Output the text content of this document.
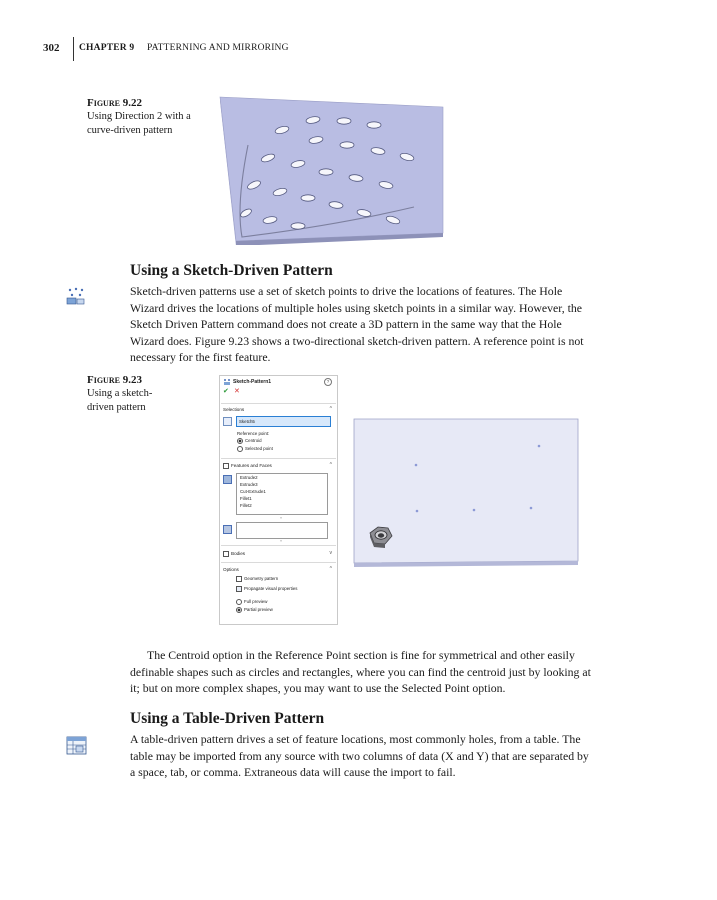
302 CHAPTER 9 PATTERNING AND MIRRORING
Figure 9.22
Using Direction 2 with a
curve-driven pattern
Using a Sketch-Driven Pattern

Sketch-driven patterns use a set of sketch points to drive the locations of features. The Hole

Wizard drives the locations of multiple holes using sketch points in a similar way. However, the

Sketch Driven Pattern command does not create a 3D pattern in the same way that the Hole

Wizard does. Figure 9.23 shows a two-directional sketch-driven pattern. A reference point is not

necessary for the first feature.

Figure 9.23
Using a sketch-
driven pattern
Sketch-Pattern1	?
✔ ✕
Selections	^
Sketch5
Reference point:
Centroid
Selected point
Features and Faces	^
Extrude2
Extrude3
Cut-Extrude1
Fillet1
Fillet2
▿
▿
Bodies	v
Options	^
Geometry pattern
Propagate visual properties
Full preview
Partial preview

The Centroid option in the Reference Point section is fine for symmetrical and other easily

definable shapes such as circles and rectangles, where you can find the centroid just by looking at

it; but on more complex shapes, you may want to use the Selected Point option.

Using a Table-Driven Pattern

A table-driven pattern drives a set of feature locations, most commonly holes, from a table. The

table may be imported from any source with two columns of data (X and Y) that are separated by

a space, tab, or comma. Extraneous data will cause the import to fail.
